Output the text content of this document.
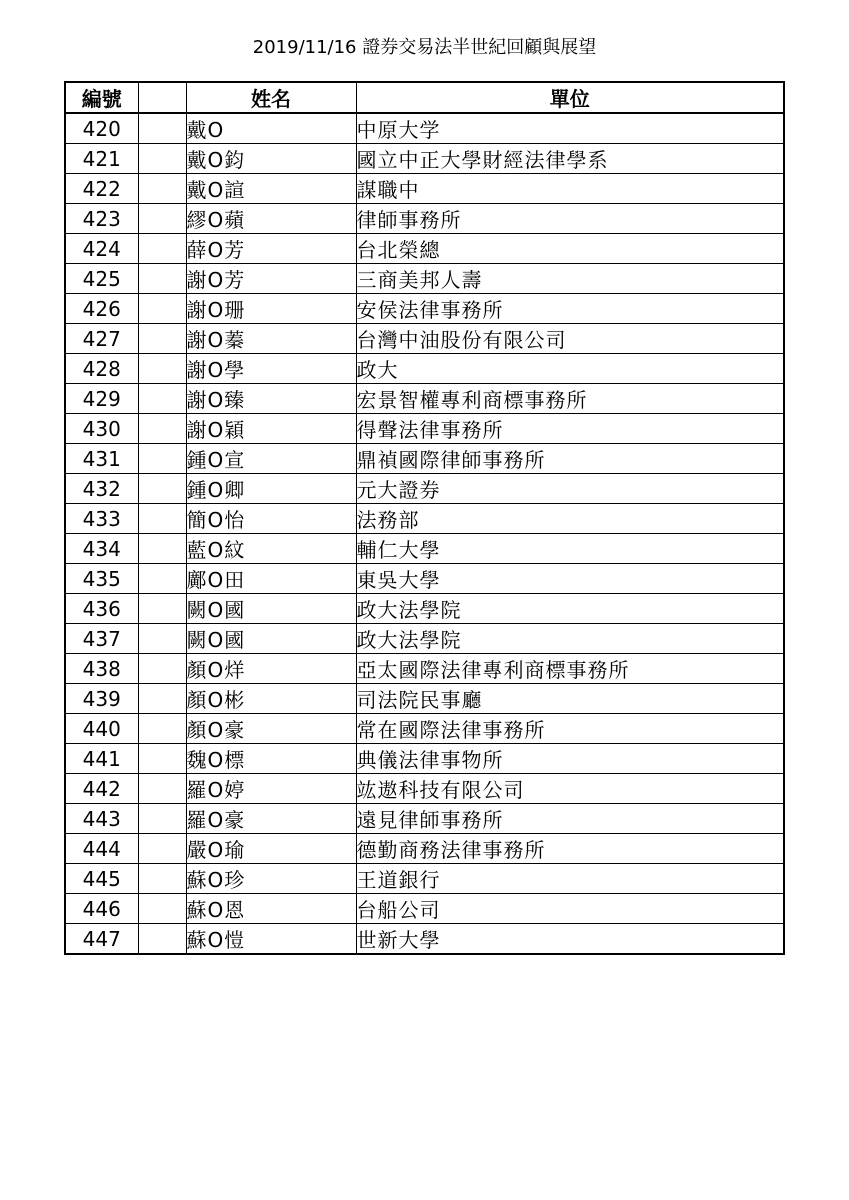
2019/11/16 證券交易法半世紀回顧與展望
編號		姓名	單位
420		戴O	中原大学
421		戴O鈞	國立中正大學財經法律學系
422		戴O諠	謀職中
423		繆O蘋	律師事務所
424		薛O芳	台北榮總
425		謝O芳	三商美邦人壽
426		謝O珊	安侯法律事務所
427		謝O蓁	台灣中油股份有限公司
428		謝O學	政大
429		謝O臻	宏景智權專利商標事務所
430		謝O穎	得聲法律事務所
431		鍾O宣	鼎禎國際律師事務所
432		鍾O卿	元大證券
433		簡O怡	法務部
434		藍O紋	輔仁大學
435		鄺O田	東吳大學
436		闕O國	政大法學院
437		闕O國	政大法學院
438		顏O烊	亞太國際法律專利商標事務所
439		顏O彬	司法院民事廳
440		顏O豪	常在國際法律事務所
441		魏O標	典儀法律事物所
442		羅O婷	竑遨科技有限公司
443		羅O豪	遠見律師事務所
444		嚴O瑜	德勤商務法律事務所
445		蘇O珍	王道銀行
446		蘇O恩	台船公司
447		蘇O愷	世新大學
